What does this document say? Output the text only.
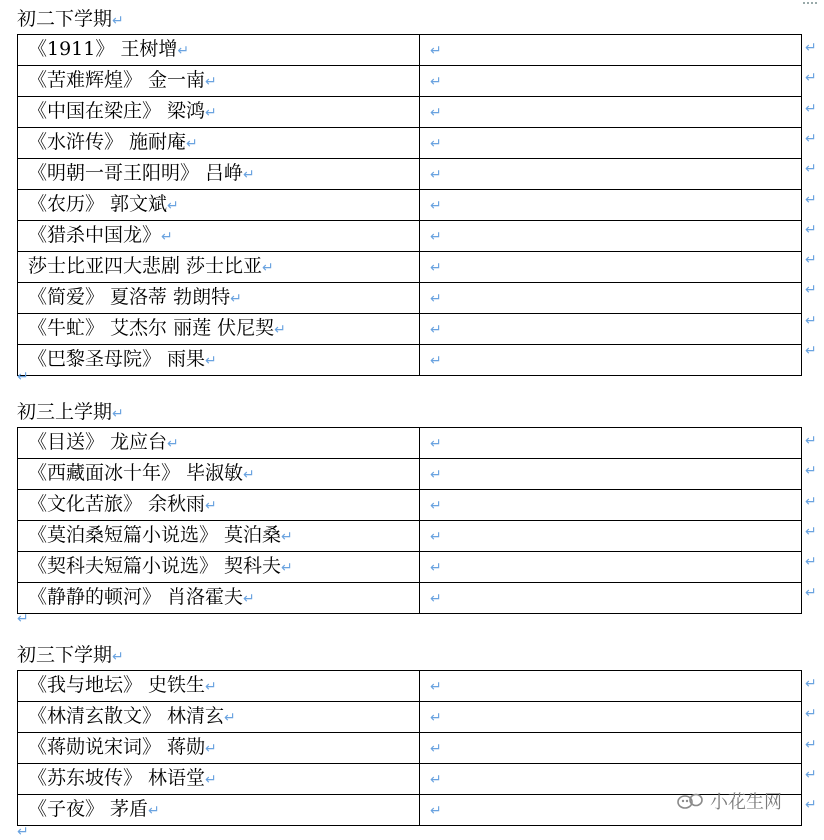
初二下学期↵
↵
↵
↵
↵
↵
↵
↵
↵
↵
↵
↵
《1911》 王树增↵	↵
《苦难辉煌》 金一南↵	↵
《中国在梁庄》 梁鸿↵	↵
《水浒传》 施耐庵↵	↵
《明朝一哥王阳明》 吕峥↵	↵
《农历》 郭文斌↵	↵
《猎杀中国龙》↵	↵
莎士比亚四大悲剧 莎士比亚↵	↵
《简爱》 夏洛蒂 勃朗特↵	↵
《牛虻》 艾杰尔 丽莲 伏尼契↵	↵
《巴黎圣母院》 雨果↵	↵
↵
初三上学期↵
↵
↵
↵
↵
↵
↵
《目送》 龙应台↵	↵
《西藏面冰十年》 毕淑敏↵	↵
《文化苦旅》 余秋雨↵	↵
《莫泊桑短篇小说选》 莫泊桑↵	↵
《契科夫短篇小说选》 契科夫↵	↵
《静静的顿河》 肖洛霍夫↵	↵
↵
初三下学期↵
↵
↵
↵
↵
↵
《我与地坛》 史铁生↵	↵
《林清玄散文》 林清玄↵	↵
《蒋勋说宋词》 蒋勋↵	↵
《苏东坡传》 林语堂↵	↵
《子夜》 茅盾↵	↵
↵
小花生网
